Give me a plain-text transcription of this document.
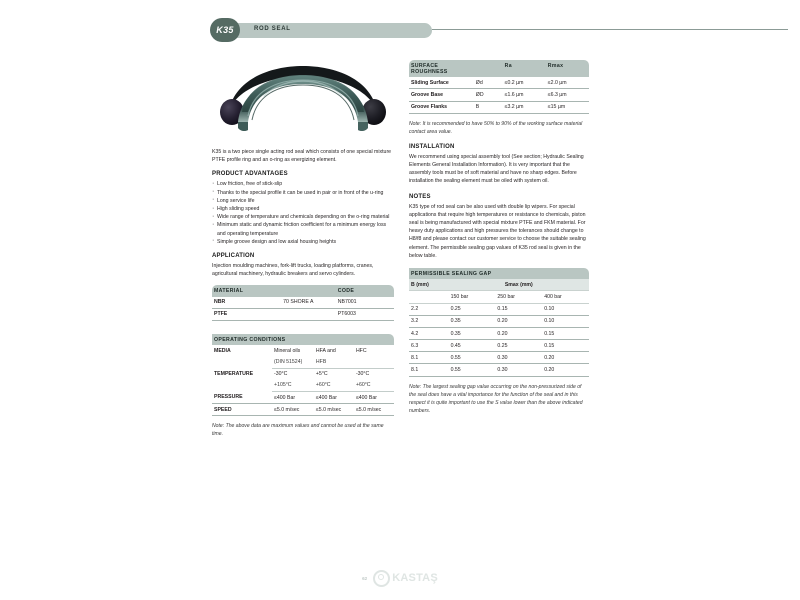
ROD SEAL
K35

K35 is a two piece single acting rod seal which consists of one special mixture PTFE profile ring and an o-ring as energizing element.

PRODUCT ADVANTAGES
· Low friction, free of stick-slip
· Thanks to the special profile it can be used in pair or in front of the u-ring
· Long service life
· High sliding speed
· Wide range of temperature and chemicals depending on the o-ring material
· Minimum static and dynamic friction coefficient for a minimum energy loss and operating temperature
· Simple groove design and low axial housing heights
APPLICATION

Injection moulding machines, fork-lift trucks, loading platforms, cranes, agricultural machinery, hydraulic breakers and servo cylinders.

MATERIAL		CODE
NBR	70 SHORE A	NB7001
PTFE		PT6003
OPERATING CONDITIONS			
MEDIA	Mineral oils	HFA and	HFC
	(DIN 51524)	HFB	
TEMPERATURE	-30°C	+5°C	-30°C
	+105°C	+60°C	+60°C
PRESSURE	≤400 Bar	≤400 Bar	≤400 Bar
SPEED	≤5.0 m/sec	≤5.0 m/sec	≤5.0 m/sec

Note: The above data are maximum values and cannot be used at the same time.

SURFACE ROUGHNESS		Ra	Rmax
Sliding Surface	Ød	≤0.2 µm	≤2.0 µm
Groove Base	ØD	≤1.6 µm	≤6.3 µm
Groove Flanks	B	≤3.2 µm	≤15 µm

Note: It is recommended to have 50% to 90% of the working surface material contact area value.

INSTALLATION

We recommend using special assembly tool (See section; Hydraulic Sealing Elements General Installation Information). It is very important that the assembly tools must be of soft material and have no sharp edges. Before installation the sealing element must be oiled with system oil.

NOTES

K35 type of rod seal can be also used with double lip wipers. For special applications that require high temperatures or resistance to chemicals, piston seal is being manufactured with special mixture PTFE and FKM material. For heavy duty applications and high pressures the tolerances should change to H8/f8 and please contact our customer service to choose the suitable sealing element. The permissible sealing gap values of K35 rod seal is given in the below table.

PERMISSIBLE SEALING GAP			
B (mm)	Smax (mm)		
	150 bar	250 bar	400 bar
2.2	0.25	0.15	0.10
3.2	0.35	0.20	0.10
4.2	0.35	0.20	0.15
6.3	0.45	0.25	0.15
8.1	0.55	0.30	0.20
8.1	0.55	0.30	0.20

Note: The largest sealing gap value occurring on the non-pressurized side of the seal does have a vital importance for the function of the seal and in this respect it is quite important to use the S value lower than the above indicated numbers.

62 KASTAŞ
